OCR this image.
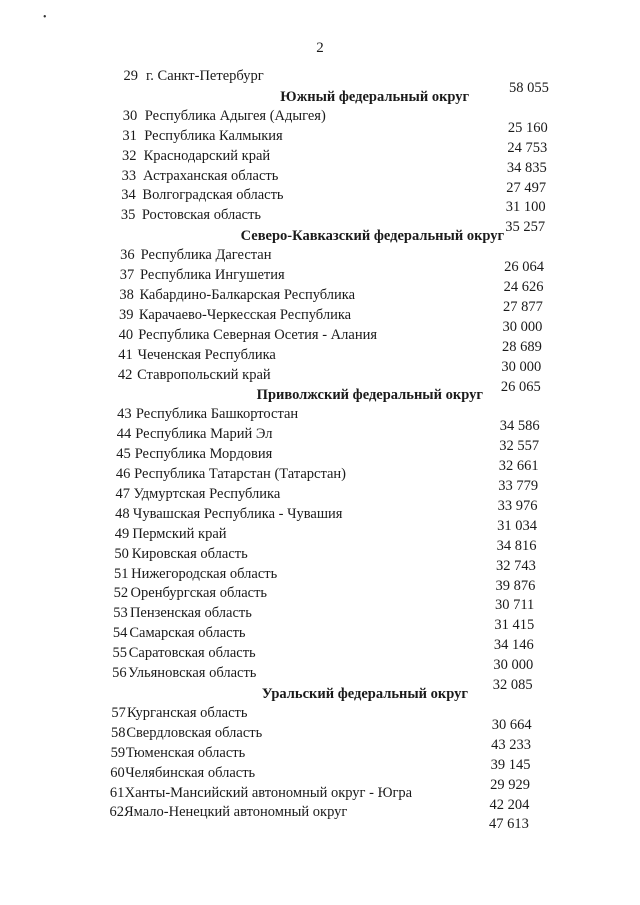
•
2
29 г. Санкт-Петербург
58 055
Южный федеральный округ
30 Республика Адыгея (Адыгея)
25 160
31 Республика Калмыкия
24 753
32 Краснодарский край
34 835
33 Астраханская область
27 497
34 Волгоградская область
31 100
35 Ростовская область
35 257
Северо-Кавказский федеральный округ
36 Республика Дагестан
26 064
37 Республика Ингушетия
24 626
38 Кабардино-Балкарская Республика
27 877
39 Карачаево-Черкесская Республика
30 000
40 Республика Северная Осетия - Алания
28 689
41 Чеченская Республика
30 000
42 Ставропольский край
26 065
Приволжский федеральный округ
43 Республика Башкортостан
34 586
44 Республика Марий Эл
32 557
45 Республика Мордовия
32 661
46 Республика Татарстан (Татарстан)
33 779
47 Удмуртская Республика
33 976
48 Чувашская Республика - Чувашия
31 034
49 Пермский край
34 816
50 Кировская область
32 743
51 Нижегородская область
39 876
52 Оренбургская область
30 711
53 Пензенская область
31 415
54 Самарская область
34 146
55 Саратовская область
30 000
56 Ульяновская область
32 085
Уральский федеральный округ
57 Курганская область
30 664
58 Свердловская область
43 233
59 Тюменская область
39 145
60 Челябинская область
29 929
61 Ханты-Мансийский автономный округ - Югра
42 204
62 Ямало-Ненецкий автономный округ
47 613
